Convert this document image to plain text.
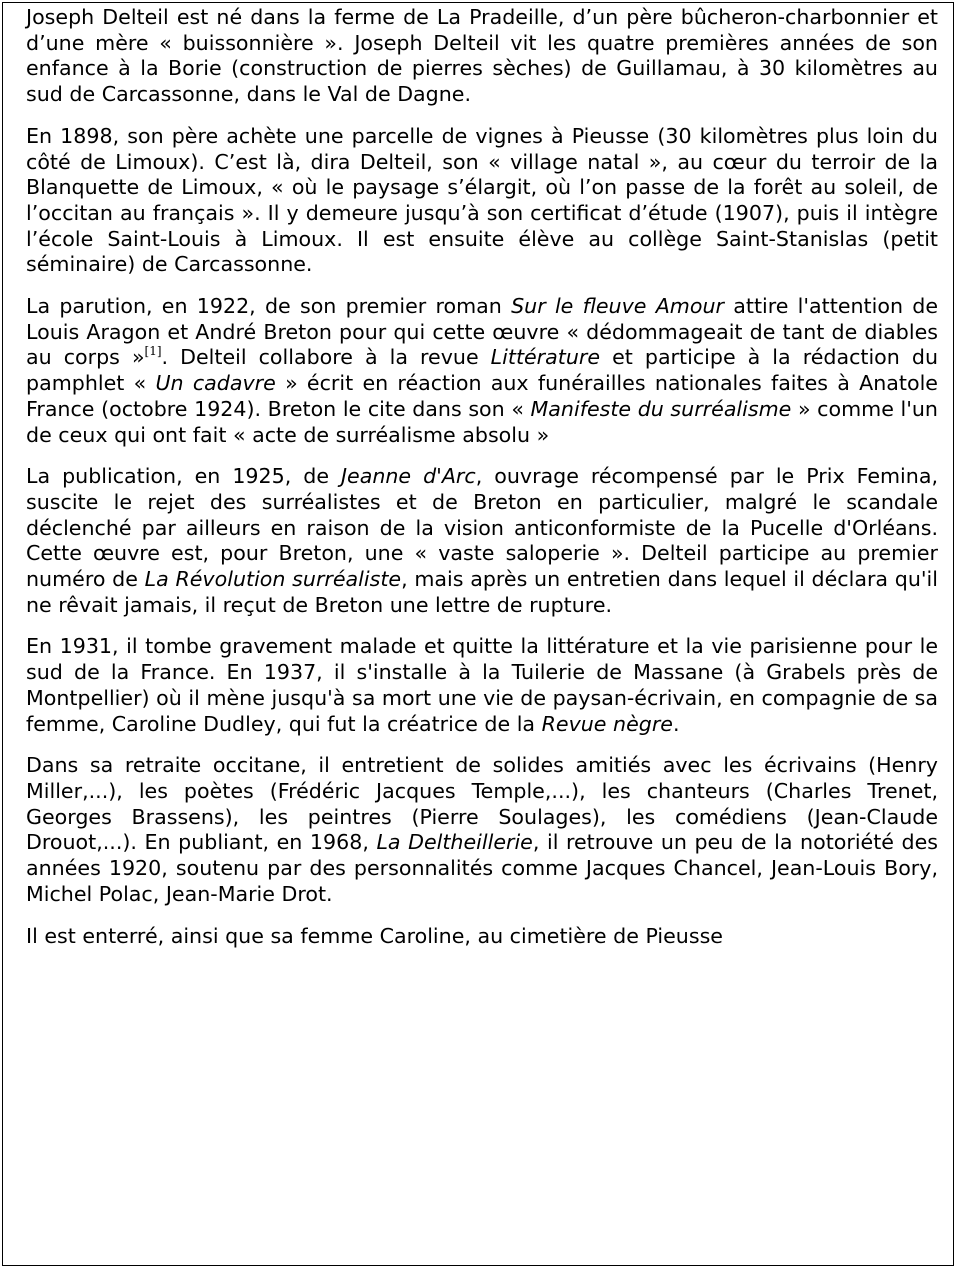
Joseph Delteil est né dans la ferme de La Pradeille, d’un père bûcheron-charbonnier et d’une mère « buissonnière ». Joseph Delteil vit les quatre premières années de son enfance à la Borie (construction de pierres sèches) de Guillamau, à 30 kilomètres au sud de Carcassonne, dans le Val de Dagne.

En 1898, son père achète une parcelle de vignes à Pieusse (30 kilomètres plus loin du côté de Limoux). C’est là, dira Delteil, son « village natal », au cœur du terroir de la Blanquette de Limoux, « où le paysage s’élargit, où l’on passe de la forêt au soleil, de l’occitan au français ». Il y demeure jusqu’à son certificat d’étude (1907), puis il intègre l’école Saint-Louis à Limoux. Il est ensuite élève au collège Saint-Stanislas (petit séminaire) de Carcassonne.

La parution, en 1922, de son premier roman Sur le fleuve Amour attire l'attention de Louis Aragon et André Breton pour qui cette œuvre « dédommageait de tant de diables au corps »[1]. Delteil collabore à la revue Littérature et participe à la rédaction du pamphlet « Un cadavre » écrit en réaction aux funérailles nationales faites à Anatole France (octobre 1924). Breton le cite dans son « Manifeste du surréalisme » comme l'un de ceux qui ont fait « acte de surréalisme absolu »

La publication, en 1925, de Jeanne d'Arc, ouvrage récompensé par le Prix Femina, suscite le rejet des surréalistes et de Breton en particulier, malgré le scandale déclenché par ailleurs en raison de la vision anticonformiste de la Pucelle d'Orléans. Cette œuvre est, pour Breton, une « vaste saloperie ». Delteil participe au premier numéro de La Révolution surréaliste, mais après un entretien dans lequel il déclara qu'il ne rêvait jamais, il reçut de Breton une lettre de rupture.

En 1931, il tombe gravement malade et quitte la littérature et la vie parisienne pour le sud de la France. En 1937, il s'installe à la Tuilerie de Massane (à Grabels près de Montpellier) où il mène jusqu'à sa mort une vie de paysan-écrivain, en compagnie de sa femme, Caroline Dudley, qui fut la créatrice de la Revue nègre.

Dans sa retraite occitane, il entretient de solides amitiés avec les écrivains (Henry Miller,...), les poètes (Frédéric Jacques Temple,...), les chanteurs (Charles Trenet, Georges Brassens), les peintres (Pierre Soulages), les comédiens (Jean-Claude Drouot,...). En publiant, en 1968, La Deltheillerie, il retrouve un peu de la notoriété des années 1920, soutenu par des personnalités comme Jacques Chancel, Jean-Louis Bory, Michel Polac, Jean-Marie Drot.

Il est enterré, ainsi que sa femme Caroline, au cimetière de Pieusse
